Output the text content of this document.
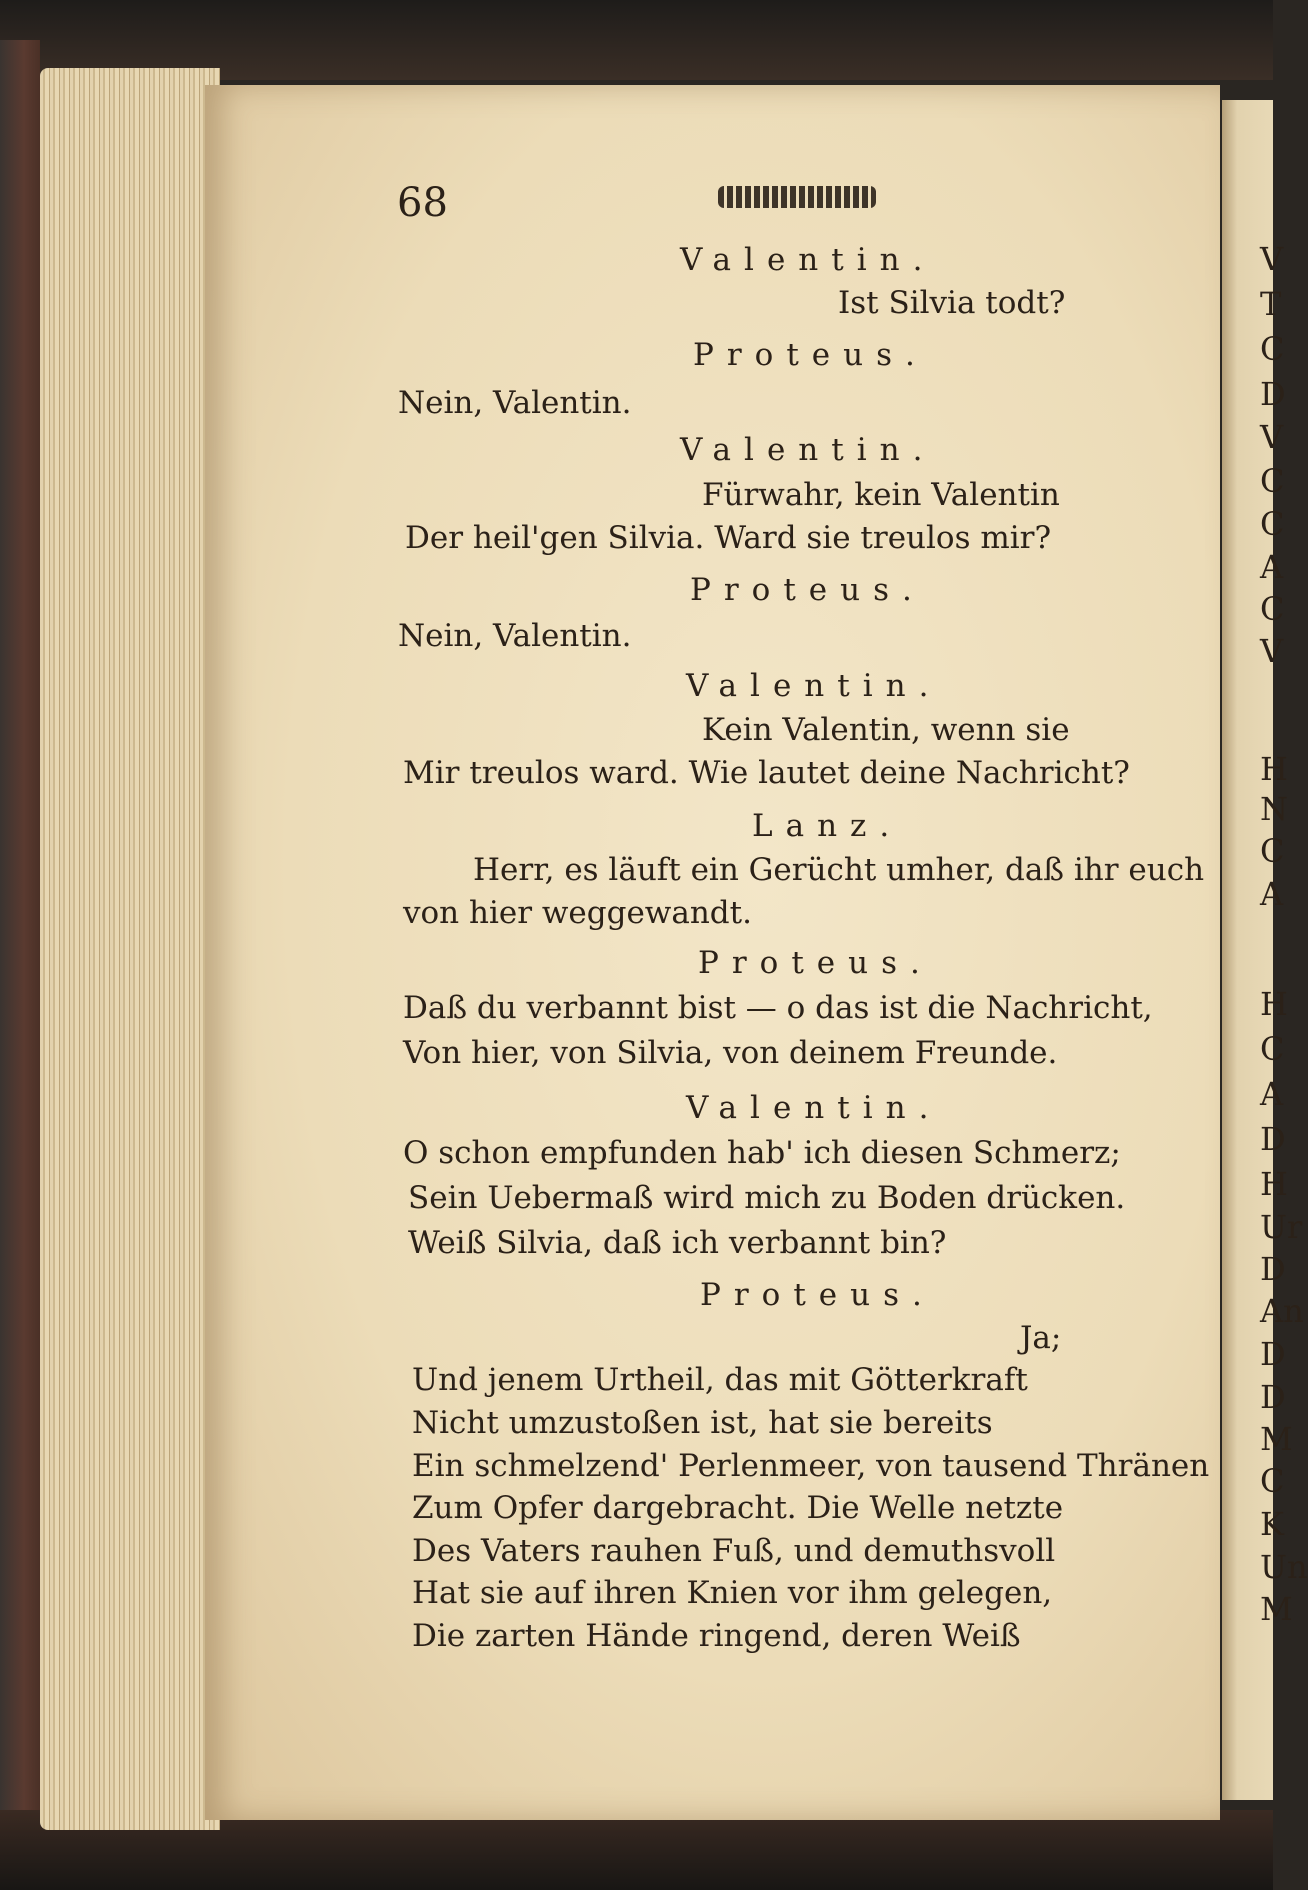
V
T
C
D
V
C
C
A
C
V
H
N
C
A
H
C
A
D
H
Ur
D
An
D
D
M
C
K
Un
M
68
Valentin.
Ist Silvia todt?
Proteus.
Nein, Valentin.
Valentin.
Fürwahr, kein Valentin
Der heil'gen Silvia. Ward sie treulos mir?
Proteus.
Nein, Valentin.
Valentin.
Kein Valentin, wenn sie
Mir treulos ward. Wie lautet deine Nachricht?
Lanz.
Herr, es läuft ein Gerücht umher, daß ihr euch
von hier weggewandt.
Proteus.
Daß du verbannt bist — o das ist die Nachricht,
Von hier, von Silvia, von deinem Freunde.
Valentin.
O schon empfunden hab' ich diesen Schmerz;
Sein Uebermaß wird mich zu Boden drücken.
Weiß Silvia, daß ich verbannt bin?
Proteus.
Ja;
Und jenem Urtheil, das mit Götterkraft
Nicht umzustoßen ist, hat sie bereits
Ein schmelzend' Perlenmeer, von tausend Thränen
Zum Opfer dargebracht. Die Welle netzte
Des Vaters rauhen Fuß, und demuthsvoll
Hat sie auf ihren Knien vor ihm gelegen,
Die zarten Hände ringend, deren Weiß
